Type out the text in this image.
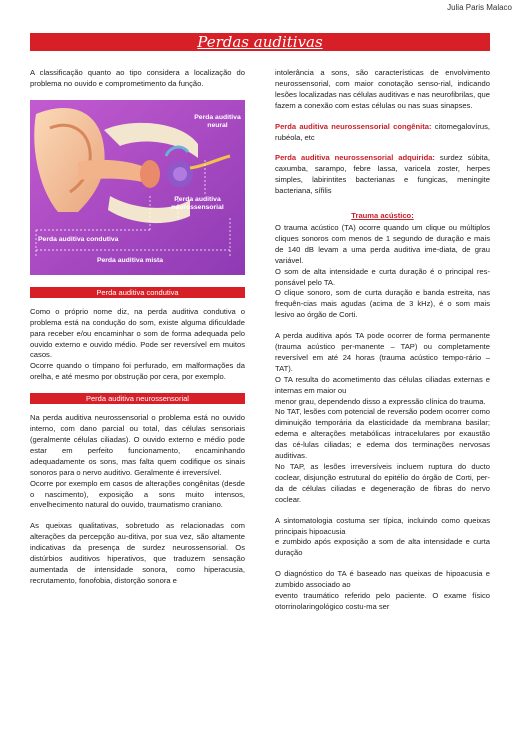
Julia Paris Malaco
Perdas auditivas

A classificação quanto ao tipo considera a localização do problema no ouvido e comprometimento da função.

Perda auditiva neural
Perda auditiva neurossensorial
Perda auditiva condutiva
Perda auditiva mista
Perda auditiva condutiva

Como o próprio nome diz, na perda auditiva condutiva o problema está na condução do som, existe alguma dificuldade para receber e/ou encaminhar o som de forma adequada pelo ouvido externo e ouvido médio. Pode ser reversível em muitos casos.

Ocorre quando o tímpano foi perfurado, em malformações da orelha, e até mesmo por obstrução por cera, por exemplo.

Perda auditiva neurossensorial

Na perda auditiva neurossensorial o problema está no ouvido interno, com dano parcial ou total, das células sensoriais (geralmente células ciliadas). O ouvido externo e médio pode estar em perfeito funcionamento, encaminhando adequadamente os sons, mas falta quem codifique os sinais sonoros para o nervo auditivo. Geralmente é irreversível.

Ocorre por exemplo em casos de alterações congênitas (desde o nascimento), exposição a sons muito intensos, envelhecimento natural do ouvido, traumatismo craniano.

As queixas qualitativas, sobretudo as relacionadas com alterações da percepção au-ditiva, por sua vez, são altamente indicativas da presença de surdez neurossensorial. Os distúrbios auditivos hiperativos, que traduzem sensação aumentada de intensidade sonora, como hiperacusia, recrutamento, fonofobia, distorção sonora e

intolerância a sons, são características de envolvimento neurossensorial, com maior conotação senso-rial, indicando lesões localizadas nas células auditivas e nas neurofibrilas, que fazem a conexão com estas células ou nas suas sinapses.

Perda auditiva neurossensorial congênita: citomegalovírus, rubéola, etc

Perda auditiva neurossensorial adquirida: surdez súbita, caxumba, sarampo, febre lassa, varicela zoster, herpes simples, labirintites bacterianas e fungicas, meningite bacteriana, sífilis

Trauma acústico:

O trauma acústico (TA) ocorre quando um clique ou múltiplos cliques sonoros com menos de 1 segundo de duração e mais de 140 dB levam a uma perda auditiva ime-diata, de grau variável.

O som de alta intensidade e curta duração é o principal res-ponsável pelo TA.

O clique sonoro, som de curta duração e banda estreita, nas frequên-cias mais agudas (acima de 3 kHz), é o som mais lesivo ao órgão de Corti.

A perda auditiva após TA pode ocorrer de forma permanente (trauma acústico per-manente – TAP) ou completamente reversível em até 24 horas (trauma acústico tempo-rário – TAT).

O TA resulta do acometimento das células ciliadas externas e internas em maior ou

menor grau, dependendo disso a expressão clínica do trauma.

No TAT, lesões com potencial de reversão podem ocorrer como diminuição temporária da elasticidade da membrana basilar; edema e alterações metabólicas intracelulares por exaustão das cé-lulas ciliadas; e edema dos terminações nervosas auditivas.

No TAP, as lesões irreversíveis incluem ruptura do ducto coclear, disjunção estrutural do epitélio do órgão de Corti, per-da de células ciliadas e degeneração de fibras do nervo coclear.

A sintomatologia costuma ser típica, incluindo como queixas principais hipoacusia

e zumbido após exposição a som de alta intensidade e curta duração

O diagnóstico do TA é baseado nas queixas de hipoacusia e zumbido associado ao

evento traumático referido pelo paciente. O exame físico otorrinolaringológico costu-ma ser
